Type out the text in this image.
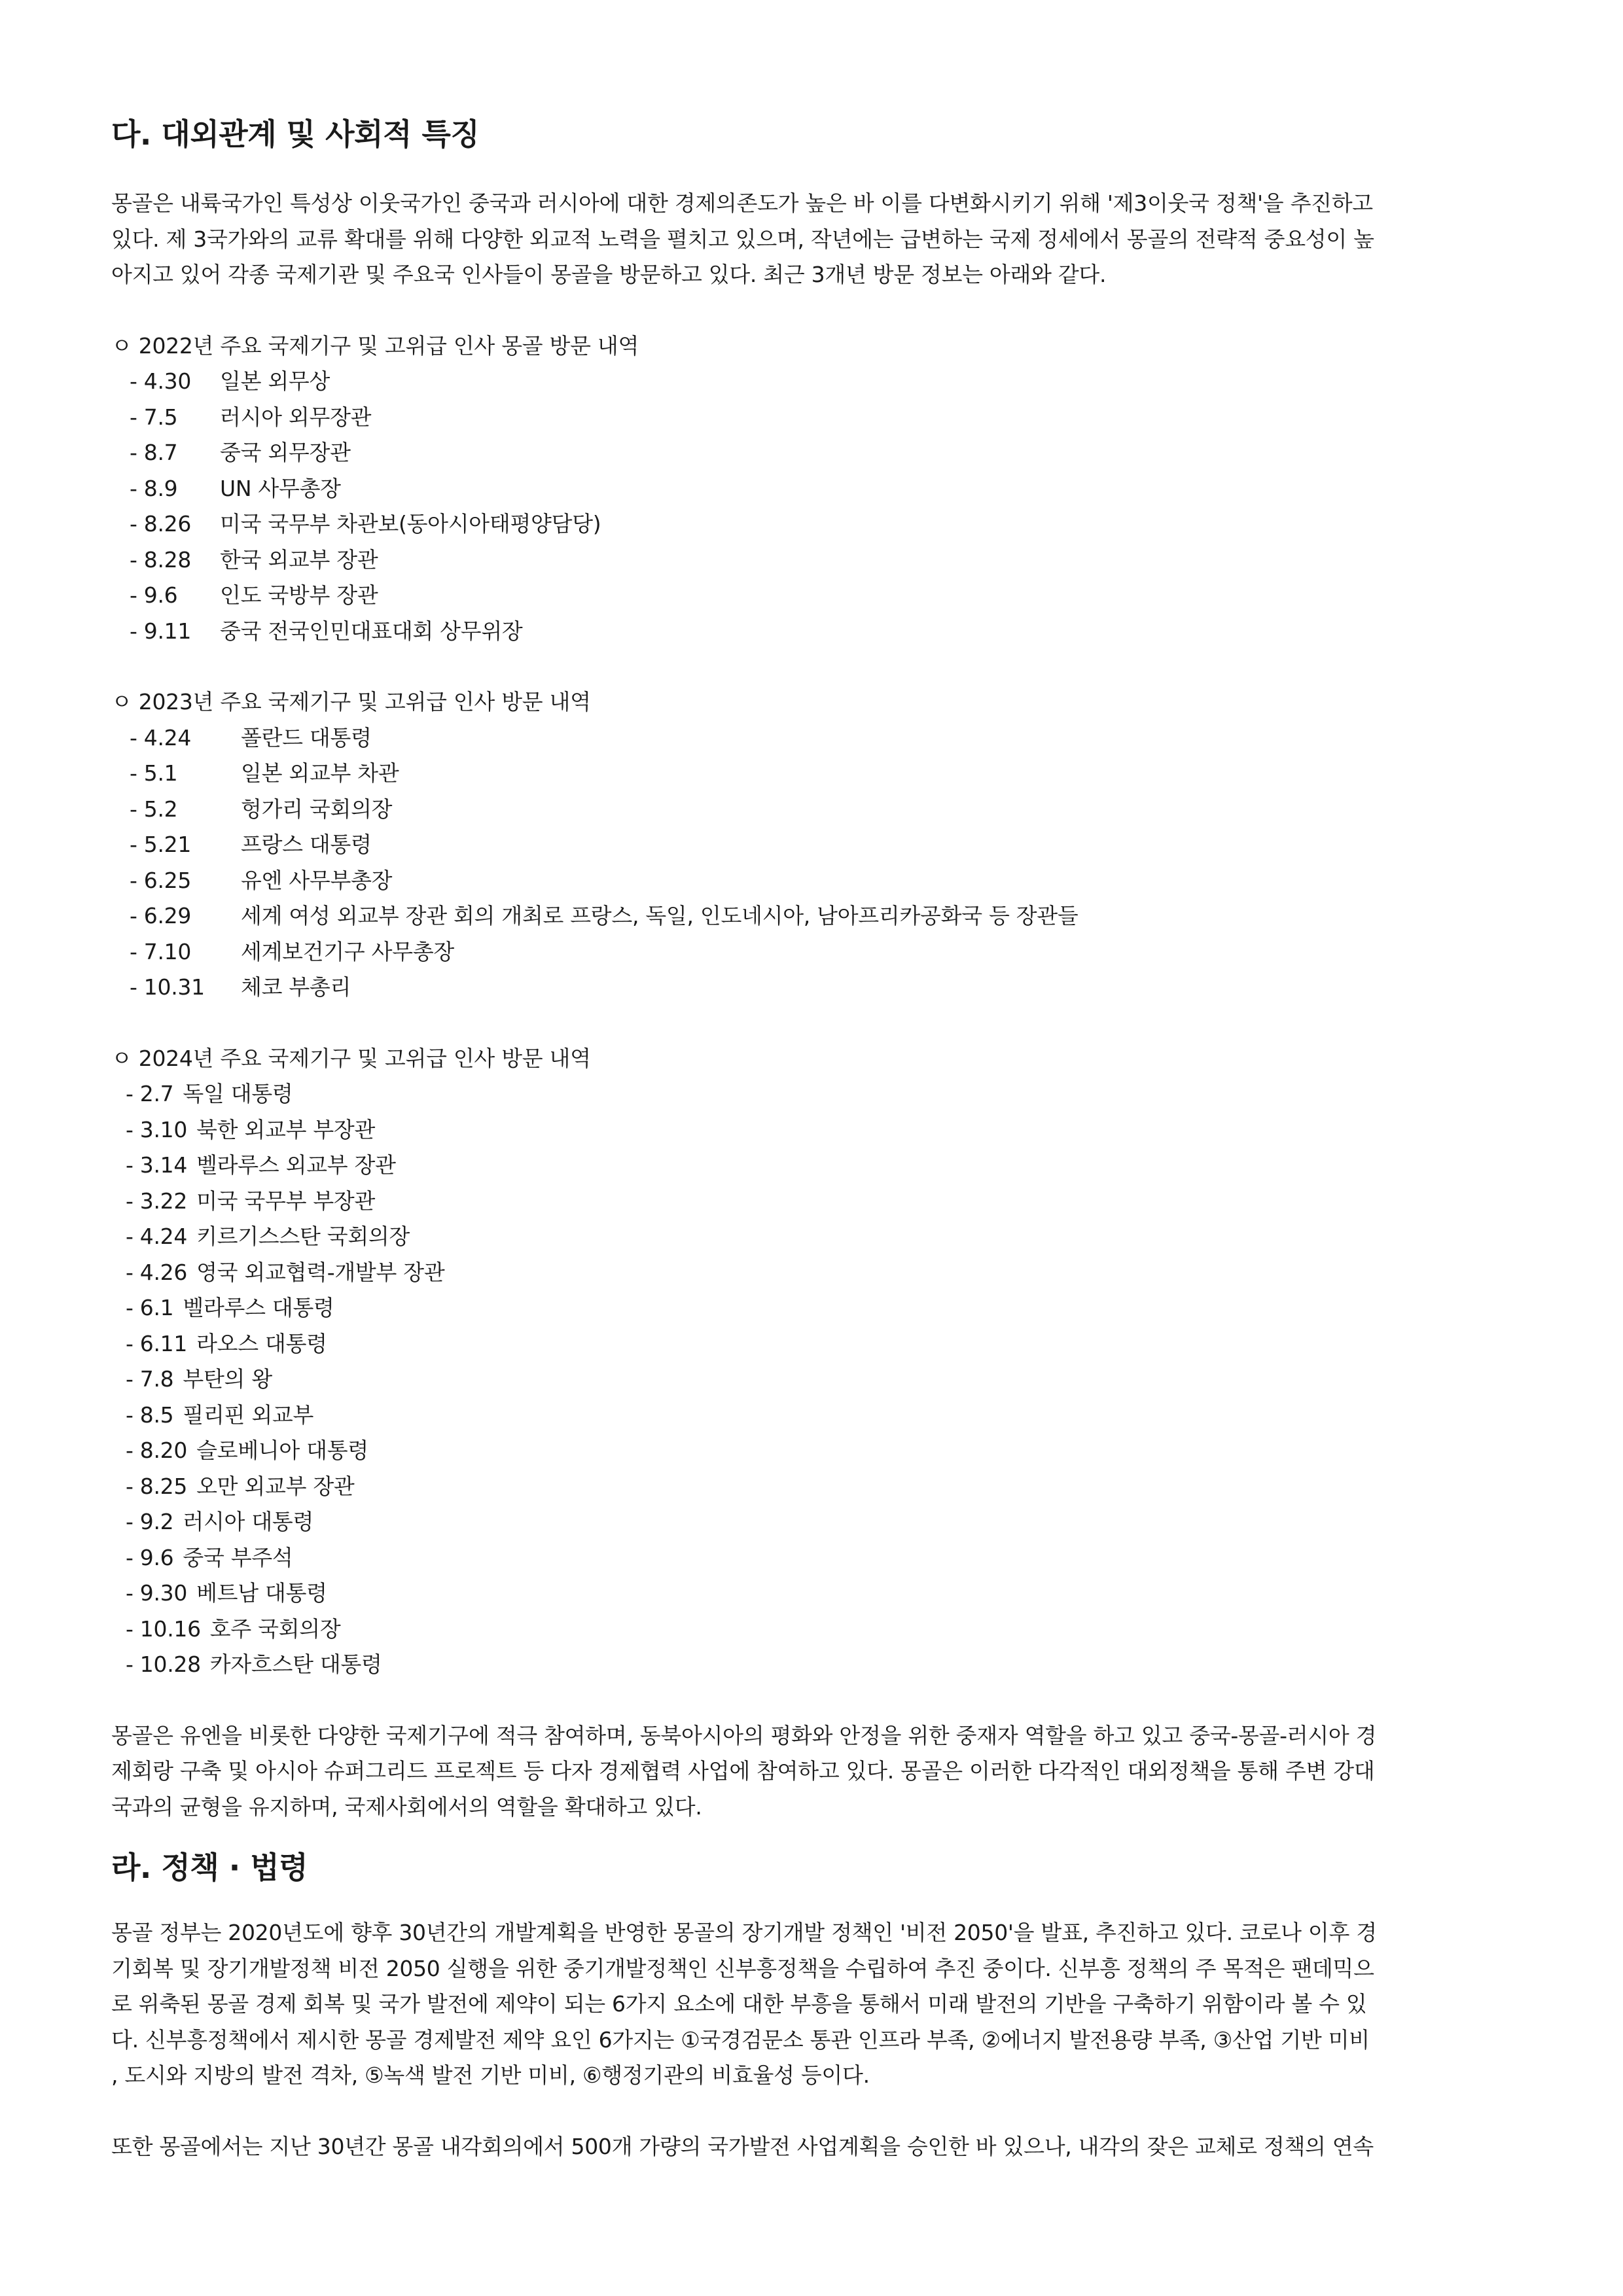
다. 대외관계 및 사회적 특징
몽골은 내륙국가인 특성상 이웃국가인 중국과 러시아에 대한 경제의존도가 높은 바 이를 다변화시키기 위해 '제3이웃국 정책'을 추진하고
있다. 제 3국가와의 교류 확대를 위해 다양한 외교적 노력을 펼치고 있으며, 작년에는 급변하는 국제 정세에서 몽골의 전략적 중요성이 높
아지고 있어 각종 국제기관 및 주요국 인사들이 몽골을 방문하고 있다. 최근 3개년 방문 정보는 아래와 같다.
ㅇ 2022년 주요 국제기구 및 고위급 인사 몽골 방문 내역
- 4.30	일본 외무상
- 7.5	러시아 외무장관
- 8.7	중국 외무장관
- 8.9	UN 사무총장
- 8.26	미국 국무부 차관보(동아시아태평양담당)
- 8.28	한국 외교부 장관
- 9.6	인도 국방부 장관
- 9.11	중국 전국인민대표대회 상무위장
ㅇ 2023년 주요 국제기구 및 고위급 인사 방문 내역
- 4.24	폴란드 대통령
- 5.1	일본 외교부 차관
- 5.2	헝가리 국회의장
- 5.21	프랑스 대통령
- 6.25	유엔 사무부총장
- 6.29	세계 여성 외교부 장관 회의 개최로 프랑스, 독일, 인도네시아, 남아프리카공화국 등 장관들
- 7.10	세계보건기구 사무총장
- 10.31	체코 부총리
ㅇ 2024년 주요 국제기구 및 고위급 인사 방문 내역
- 2.7 독일 대통령
- 3.10 북한 외교부 부장관
- 3.14 벨라루스 외교부 장관
- 3.22 미국 국무부 부장관
- 4.24 키르기스스탄 국회의장
- 4.26 영국 외교협력-개발부 장관
- 6.1 벨라루스 대통령
- 6.11 라오스 대통령
- 7.8 부탄의 왕
- 8.5 필리핀 외교부
- 8.20 슬로베니아 대통령
- 8.25 오만 외교부 장관
- 9.2 러시아 대통령
- 9.6 중국 부주석
- 9.30 베트남 대통령
- 10.16 호주 국회의장
- 10.28 카자흐스탄 대통령
몽골은 유엔을 비롯한 다양한 국제기구에 적극 참여하며, 동북아시아의 평화와 안정을 위한 중재자 역할을 하고 있고 중국-몽골-러시아 경
제회랑 구축 및 아시아 슈퍼그리드 프로젝트 등 다자 경제협력 사업에 참여하고 있다. 몽골은 이러한 다각적인 대외정책을 통해 주변 강대
국과의 균형을 유지하며, 국제사회에서의 역할을 확대하고 있다.
라. 정책 · 법령
몽골 정부는 2020년도에 향후 30년간의 개발계획을 반영한 몽골의 장기개발 정책인 '비전 2050'을 발표, 추진하고 있다. 코로나 이후 경
기회복 및 장기개발정책 비전 2050 실행을 위한 중기개발정책인 신부흥정책을 수립하여 추진 중이다. 신부흥 정책의 주 목적은 팬데믹으
로 위축된 몽골 경제 회복 및 국가 발전에 제약이 되는 6가지 요소에 대한 부흥을 통해서 미래 발전의 기반을 구축하기 위함이라 볼 수 있
다. 신부흥정책에서 제시한 몽골 경제발전 제약 요인 6가지는 ①국경검문소 통관 인프라 부족, ②에너지 발전용량 부족, ③산업 기반 미비
, 도시와 지방의 발전 격차, ⑤녹색 발전 기반 미비, ⑥행정기관의 비효율성 등이다.
또한 몽골에서는 지난 30년간 몽골 내각회의에서 500개 가량의 국가발전 사업계획을 승인한 바 있으나, 내각의 잦은 교체로 정책의 연속
